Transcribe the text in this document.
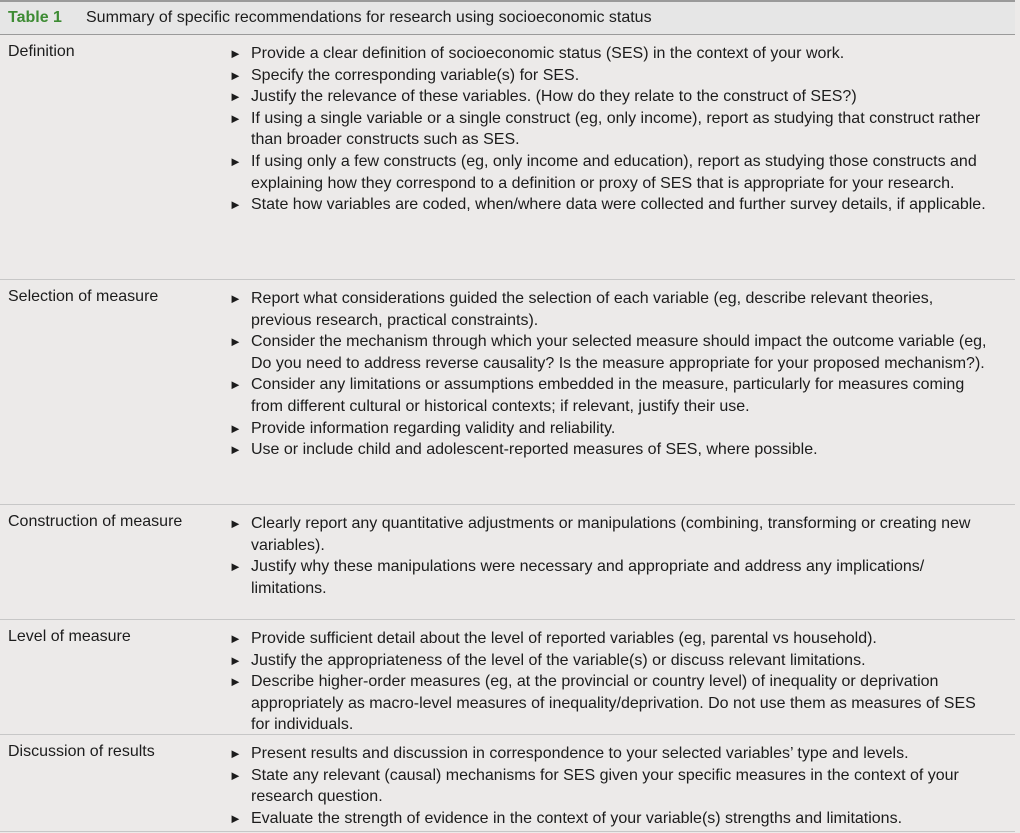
Table 1 Summary of specific recommendations for research using socioeconomic status
Definition	► Provide a clear definition of socioeconomic status (SES) in the context of your work.
► Specify the corresponding variable(s) for SES.
► Justify the relevance of these variables. (How do they relate to the construct of SES?)
► If using a single variable or a single construct (eg, only income), report as studying that construct rather than broader constructs such as SES.
► If using only a few constructs (eg, only income and education), report as studying those constructs and explaining how they correspond to a definition or proxy of SES that is appropriate for your research.
► State how variables are coded, when/where data were collected and further survey details, if applicable.
Selection of measure	► Report what considerations guided the selection of each variable (eg, describe relevant theories, previous research, practical constraints).
► Consider the mechanism through which your selected measure should impact the outcome variable (eg, Do you need to address reverse causality? Is the measure appropriate for your proposed mechanism?).
► Consider any limitations or assumptions embedded in the measure, particularly for measures coming from different cultural or historical contexts; if relevant, justify their use.
► Provide information regarding validity and reliability.
► Use or include child and adolescent-reported measures of SES, where possible.
Construction of measure	► Clearly report any quantitative adjustments or manipulations (combining, transforming or creating new variables).
► Justify why these manipulations were necessary and appropriate and address any implications/ limitations.
Level of measure	► Provide sufficient detail about the level of reported variables (eg, parental vs household).
► Justify the appropriateness of the level of the variable(s) or discuss relevant limitations.
► Describe higher-order measures (eg, at the provincial or country level) of inequality or deprivation appropriately as macro-level measures of inequality/deprivation. Do not use them as measures of SES for individuals.
Discussion of results	► Present results and discussion in correspondence to your selected variables’ type and levels.
► State any relevant (causal) mechanisms for SES given your specific measures in the context of your research question.
► Evaluate the strength of evidence in the context of your variable(s) strengths and limitations.
